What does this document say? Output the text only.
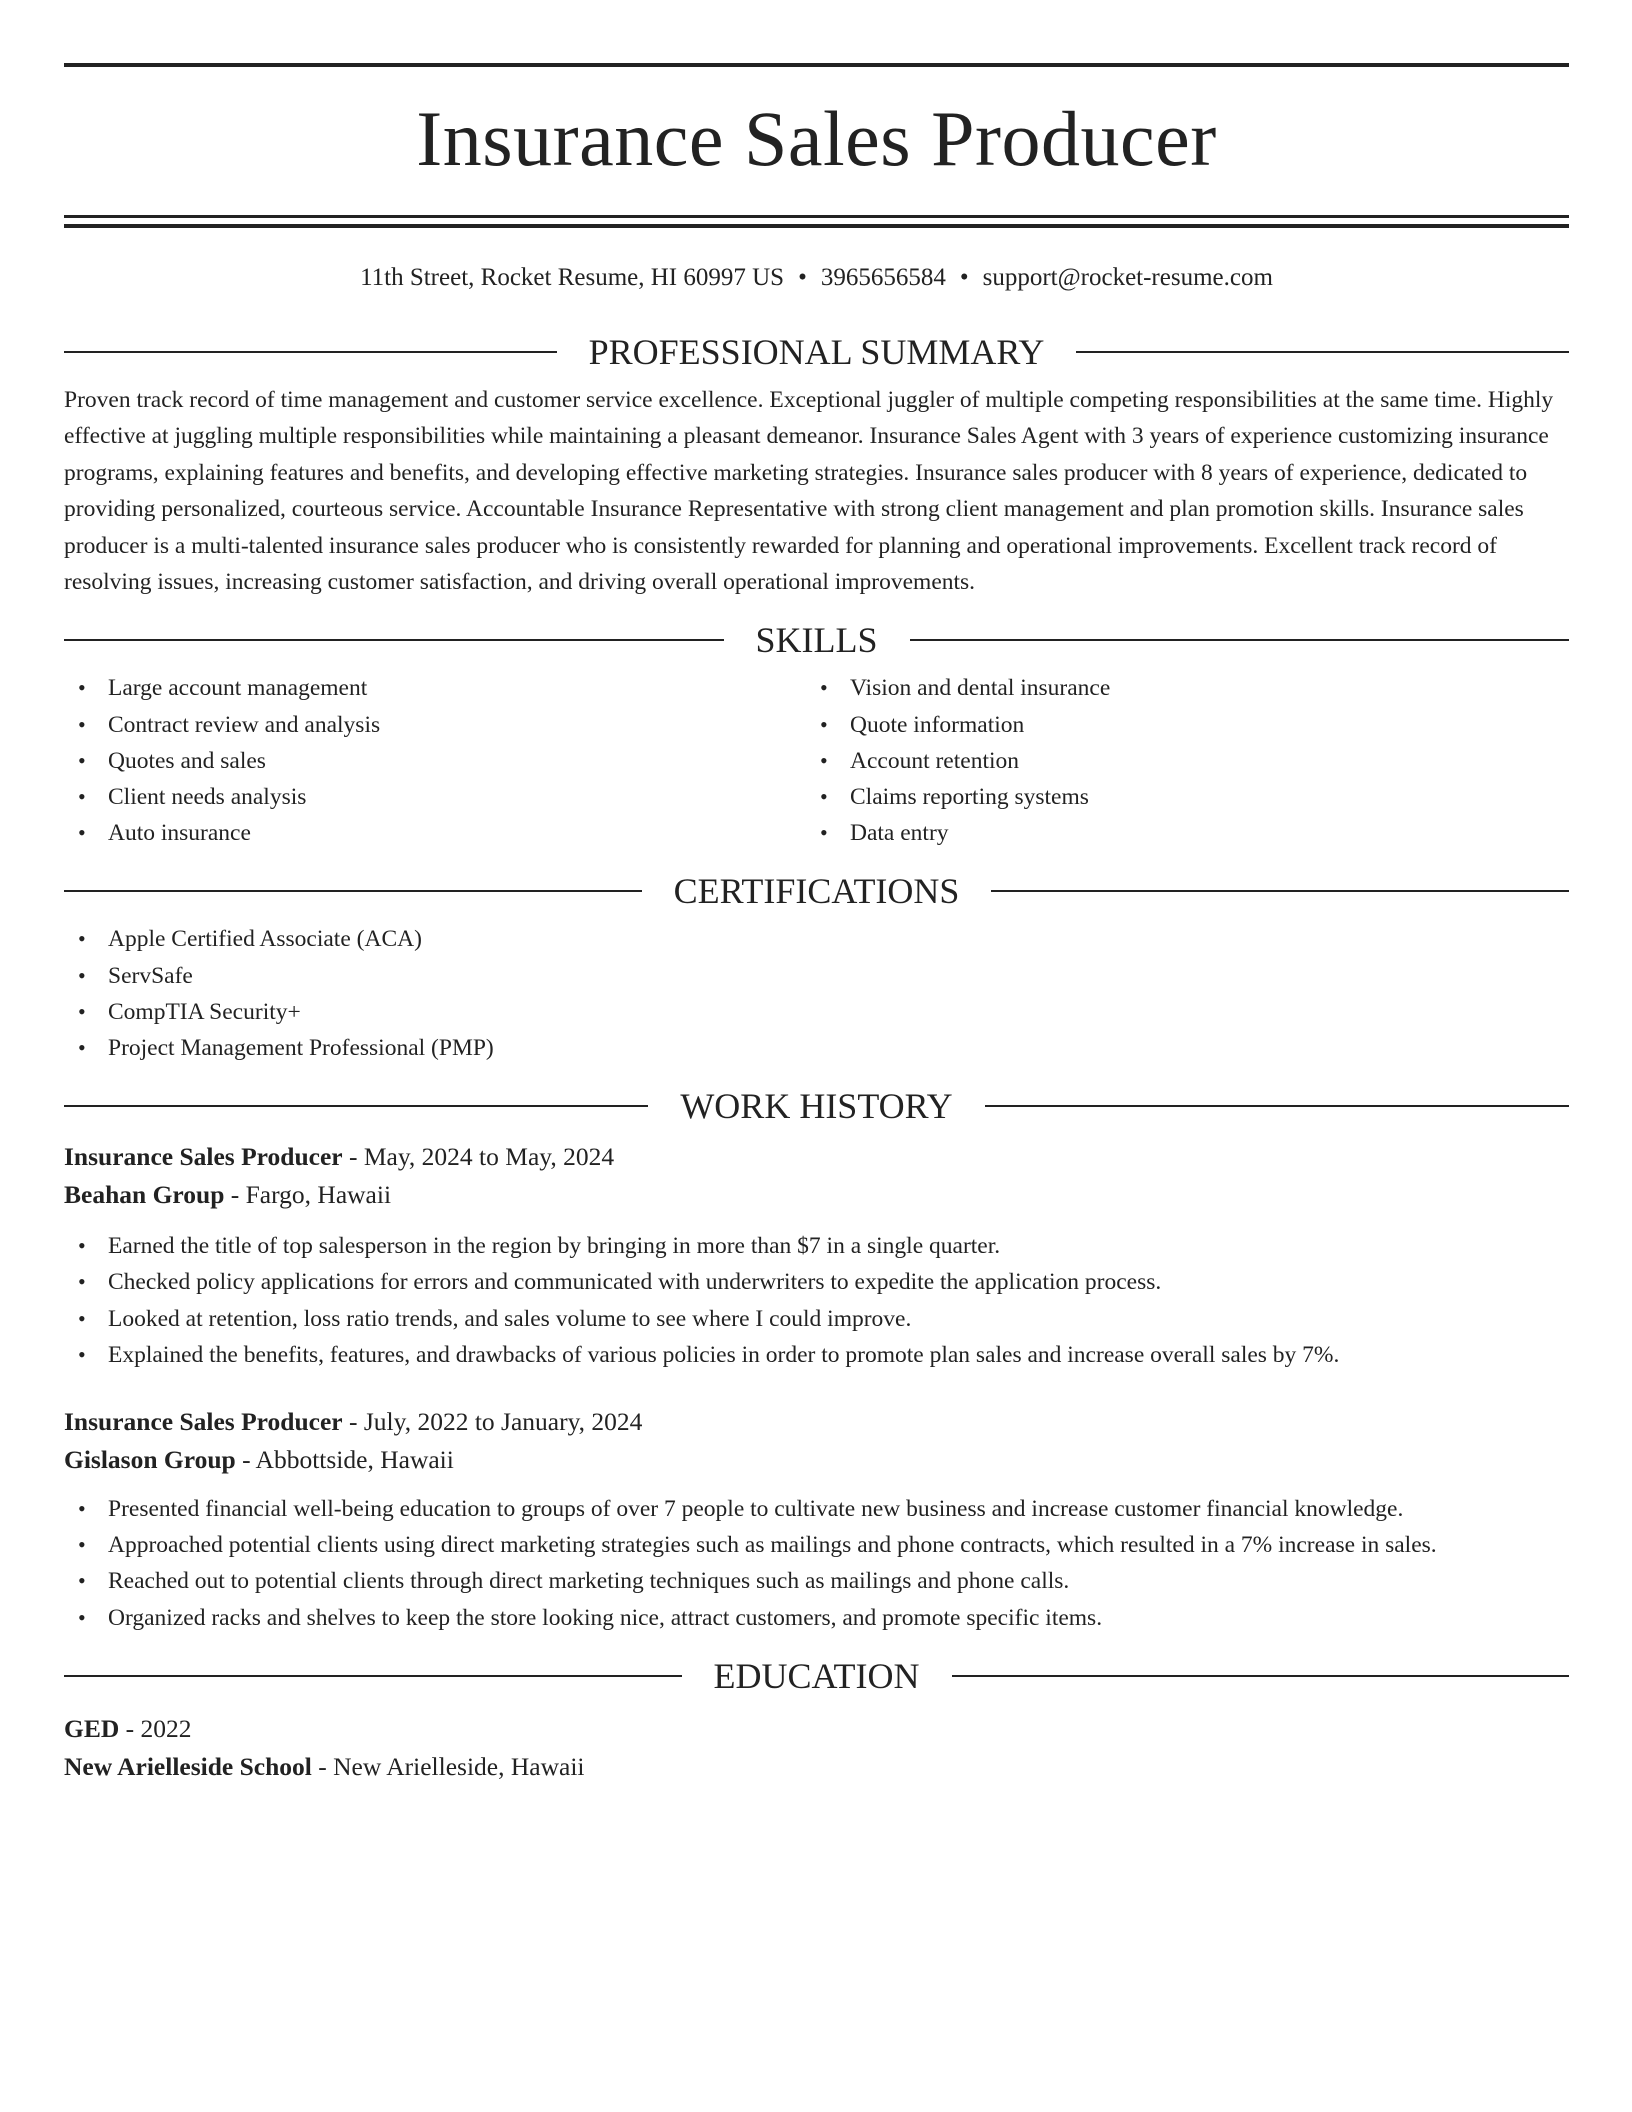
Insurance Sales Producer
11th Street, Rocket Resume, HI 60997 US • 3965656584 • support@rocket-resume.com
PROFESSIONAL SUMMARY

Proven track record of time management and customer service excellence. Exceptional juggler of multiple competing responsibilities at the same time. Highly effective at juggling multiple responsibilities while maintaining a pleasant demeanor. Insurance Sales Agent with 3 years of experience customizing insurance programs, explaining features and benefits, and developing effective marketing strategies. Insurance sales producer with 8 years of experience, dedicated to providing personalized, courteous service. Accountable Insurance Representative with strong client management and plan promotion skills. Insurance sales producer is a multi-talented insurance sales producer who is consistently rewarded for planning and operational improvements. Excellent track record of resolving issues, increasing customer satisfaction, and driving overall operational improvements.

SKILLS
• Large account management
• Contract review and analysis
• Quotes and sales
• Client needs analysis
• Auto insurance
• Vision and dental insurance
• Quote information
• Account retention
• Claims reporting systems
• Data entry
CERTIFICATIONS
• Apple Certified Associate (ACA)
• ServSafe
• CompTIA Security+
• Project Management Professional (PMP)
WORK HISTORY
Insurance Sales Producer - May, 2024 to May, 2024
Beahan Group - Fargo, Hawaii
• Earned the title of top salesperson in the region by bringing in more than $7 in a single quarter.
• Checked policy applications for errors and communicated with underwriters to expedite the application process.
• Looked at retention, loss ratio trends, and sales volume to see where I could improve.
• Explained the benefits, features, and drawbacks of various policies in order to promote plan sales and increase overall sales by 7%.
Insurance Sales Producer - July, 2022 to January, 2024
Gislason Group - Abbottside, Hawaii
• Presented financial well-being education to groups of over 7 people to cultivate new business and increase customer financial knowledge.
• Approached potential clients using direct marketing strategies such as mailings and phone contracts, which resulted in a 7% increase in sales.
• Reached out to potential clients through direct marketing techniques such as mailings and phone calls.
• Organized racks and shelves to keep the store looking nice, attract customers, and promote specific items.
EDUCATION
GED - 2022
New Arielleside School - New Arielleside, Hawaii
